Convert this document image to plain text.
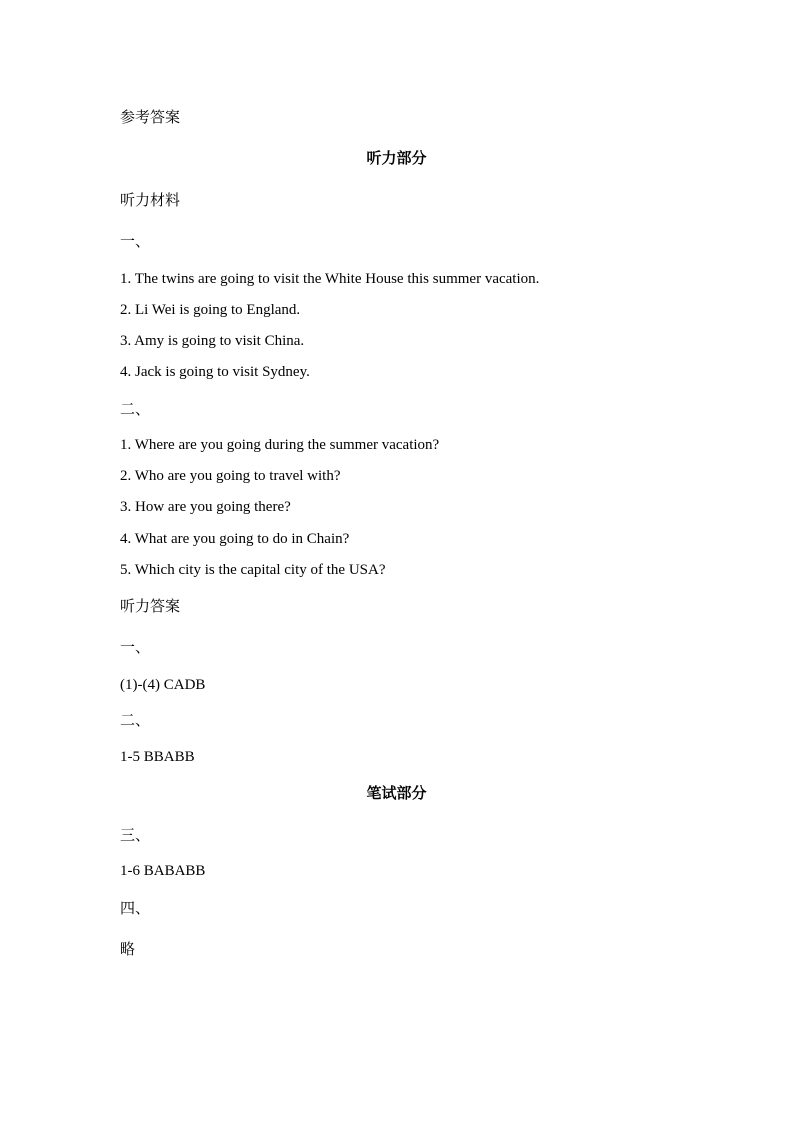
参考答案
听力部分
听力材料
一、
1. The twins are going to visit the White House this summer vacation.
2. Li Wei is going to England.
3. Amy is going to visit China.
4. Jack is going to visit Sydney.
二、
1. Where are you going during the summer vacation?
2. Who are you going to travel with?
3. How are you going there?
4. What are you going to do in Chain?
5. Which city is the capital city of the USA?
听力答案
一、
(1)-(4) CADB
二、
1-5 BBABB
笔试部分
三、
1-6 BABABB
四、
略
